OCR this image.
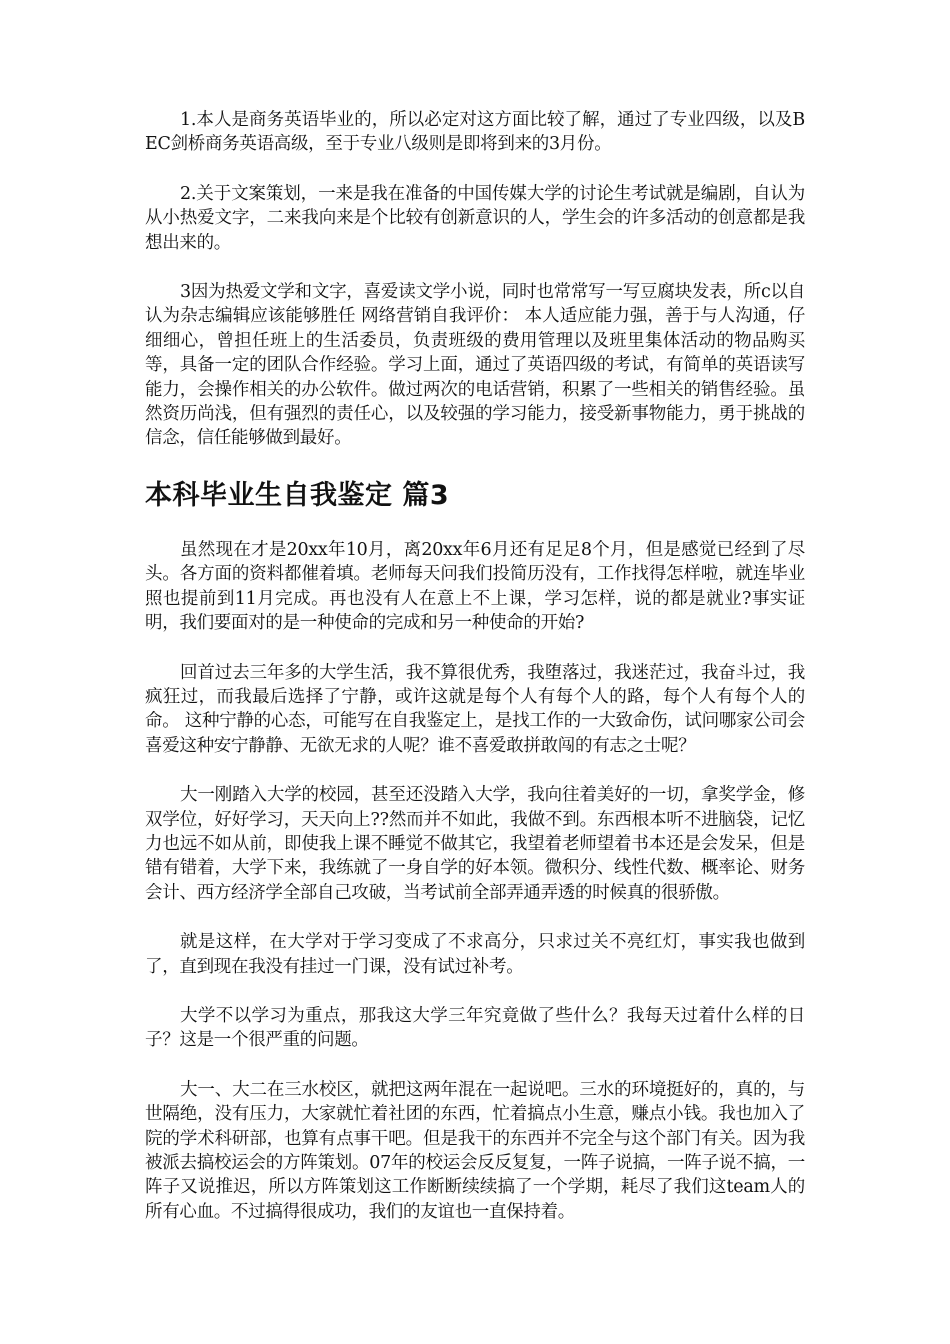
1.本人是商务英语毕业的，所以必定对这方面比较了解，通过了专业四级，以及BEC剑桥商务英语高级，至于专业八级则是即将到来的3月份。

2.关于文案策划，一来是我在准备的中国传媒大学的讨论生考试就是编剧，自认为从小热爱文字，二来我向来是个比较有创新意识的人，学生会的许多活动的创意都是我想出来的。

3因为热爱文学和文字，喜爱读文学小说，同时也常常写一写豆腐块发表，所c以自认为杂志编辑应该能够胜任 网络营销自我评价： 本人适应能力强，善于与人沟通，仔细细心，曾担任班上的生活委员，负责班级的费用管理以及班里集体活动的物品购买等，具备一定的团队合作经验。学习上面，通过了英语四级的考试，有简单的英语读写能力，会操作相关的办公软件。做过两次的电话营销，积累了一些相关的销售经验。虽然资历尚浅，但有强烈的责任心，以及较强的学习能力，接受新事物能力，勇于挑战的信念，信任能够做到最好。

本科毕业生自我鉴定 篇3

虽然现在才是20xx年10月，离20xx年6月还有足足8个月，但是感觉已经到了尽头。各方面的资料都催着填。老师每天问我们投简历没有，工作找得怎样啦，就连毕业照也提前到11月完成。再也没有人在意上不上课，学习怎样，说的都是就业?事实证明，我们要面对的是一种使命的完成和另一种使命的开始?

回首过去三年多的大学生活，我不算很优秀，我堕落过，我迷茫过，我奋斗过，我疯狂过，而我最后选择了宁静，或许这就是每个人有每个人的路，每个人有每个人的命。 这种宁静的心态，可能写在自我鉴定上，是找工作的一大致命伤，试问哪家公司会喜爱这种安宁静静、无欲无求的人呢？谁不喜爱敢拼敢闯的有志之士呢？

大一刚踏入大学的校园，甚至还没踏入大学，我向往着美好的一切，拿奖学金，修双学位，好好学习，天天向上??然而并不如此，我做不到。东西根本听不进脑袋，记忆力也远不如从前，即使我上课不睡觉不做其它，我望着老师望着书本还是会发呆，但是错有错着，大学下来，我练就了一身自学的好本领。微积分、线性代数、概率论、财务会计、西方经济学全部自己攻破，当考试前全部弄通弄透的时候真的很骄傲。

就是这样，在大学对于学习变成了不求高分，只求过关不亮红灯，事实我也做到了，直到现在我没有挂过一门课，没有试过补考。

大学不以学习为重点，那我这大学三年究竟做了些什么？我每天过着什么样的日子？这是一个很严重的问题。

大一、大二在三水校区，就把这两年混在一起说吧。三水的环境挺好的，真的，与世隔绝，没有压力，大家就忙着社团的东西，忙着搞点小生意，赚点小钱。我也加入了院的学术科研部，也算有点事干吧。但是我干的东西并不完全与这个部门有关。因为我被派去搞校运会的方阵策划。07年的校运会反反复复，一阵子说搞，一阵子说不搞，一阵子又说推迟，所以方阵策划这工作断断续续搞了一个学期，耗尽了我们这team人的所有心血。不过搞得很成功，我们的友谊也一直保持着。
